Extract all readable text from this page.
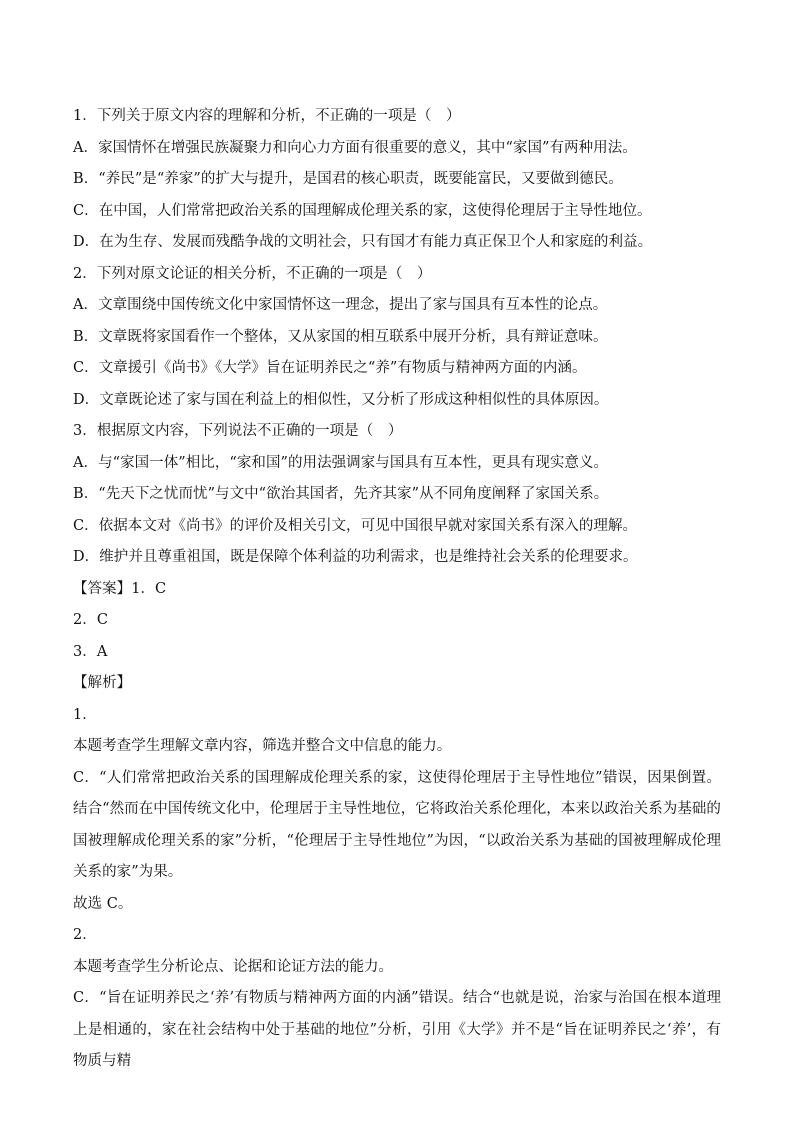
1．下列关于原文内容的理解和分析，不正确的一项是（　）
A．家国情怀在增强民族凝聚力和向心力方面有很重要的意义，其中“家国”有两种用法。
B．“养民”是“养家”的扩大与提升，是国君的核心职责，既要能富民，又要做到德民。
C．在中国，人们常常把政治关系的国理解成伦理关系的家，这使得伦理居于主导性地位。
D．在为生存、发展而残酷争战的文明社会，只有国才有能力真正保卫个人和家庭的利益。
2．下列对原文论证的相关分析，不正确的一项是（　）
A．文章围绕中国传统文化中家国情怀这一理念，提出了家与国具有互本性的论点。
B．文章既将家国看作一个整体，又从家国的相互联系中展开分析，具有辩证意味。
C．文章援引《尚书》《大学》旨在证明养民之“养”有物质与精神两方面的内涵。
D．文章既论述了家与国在利益上的相似性，又分析了形成这种相似性的具体原因。
3．根据原文内容，下列说法不正确的一项是（　）
A．与“家国一体”相比，“家和国”的用法强调家与国具有互本性，更具有现实意义。
B．“先天下之忧而忧”与文中“欲治其国者，先齐其家”从不同角度阐释了家国关系。
C．依据本文对《尚书》的评价及相关引文，可见中国很早就对家国关系有深入的理解。
D．维护并且尊重祖国，既是保障个体利益的功利需求，也是维持社会关系的伦理要求。
【答案】1．C
2．C
3．A
【解析】
1．
本题考查学生理解文章内容，筛选并整合文中信息的能力。

C．“人们常常把政治关系的国理解成伦理关系的家，这使得伦理居于主导性地位”错误，因果倒置。结合“然而在中国传统文化中，伦理居于主导性地位，它将政治关系伦理化，本来以政治关系为基础的国被理解成伦理关系的家”分析，“伦理居于主导性地位”为因，“以政治关系为基础的国被理解成伦理关系的家”为果。

故选 C。
2．
本题考查学生分析论点、论据和论证方法的能力。

C．“旨在证明养民之‘养’有物质与精神两方面的内涵”错误。结合“也就是说，治家与治国在根本道理上是相通的，家在社会结构中处于基础的地位”分析，引用《大学》并不是“旨在证明养民之‘养’，有物质与精
